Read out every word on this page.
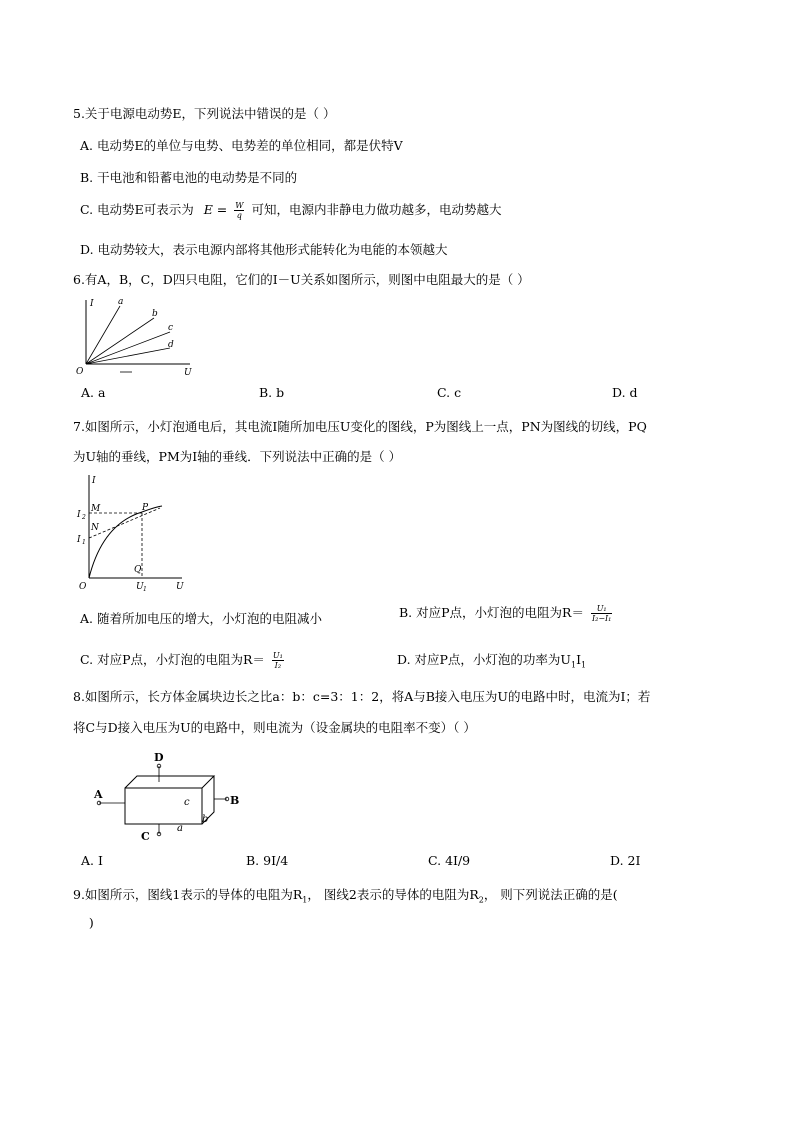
5.关于电源电动势E，下列说法中错误的是（ ）
A. 电动势E的单位与电势、电势差的单位相同，都是伏特V
B. 干电池和铅蓄电池的电动势是不同的
C. 电动势E可表示为 $E = \frac{W}{q}$ 可知，电源内非静电力做功越多，电动势越大
D. 电动势较大，表示电源内部将其他形式能转化为电能的本领越大
6.有A，B，C，D四只电阻，它们的I－U关系如图所示，则图中电阻最大的是（ ）
I
U
O
a
b
c
d
A. a	B. b	C. c	D. d
7.如图所示，小灯泡通电后，其电流I随所加电压U变化的图线，P为图线上一点，PN为图线的切线，PQ
为U轴的垂线，PM为I轴的垂线．下列说法中正确的是（ ）
I
U
O
P
M
N
Q
I 2
I 1
U 1
A. 随着所加电压的增大，小灯泡的电阻减小	B. 对应P点，小灯泡的电阻为$R= \frac{\text{U₁}}{\text{I₂−I₁}}$
C. 对应P点，小灯泡的电阻为$R= \frac{\text{U₁}}{\text{I₂}}$	D. 对应P点，小灯泡的功率为$U_1I_1$
8.如图所示，长方体金属块边长之比a：b：c=3：1：2，将A与B接入电压为U的电路中时，电流为I；若
将C与D接入电压为U的电路中，则电流为（设金属块的电阻率不变）（ ）
A	B
C
D
a
b
c
A. I	B. 9I/4	C. 4I/9	D. 2I
9.如图所示，图线1表示的导体的电阻为$R_1$， 图线2表示的导体的电阻为$R_2$， 则下列说法正确的是(
)
